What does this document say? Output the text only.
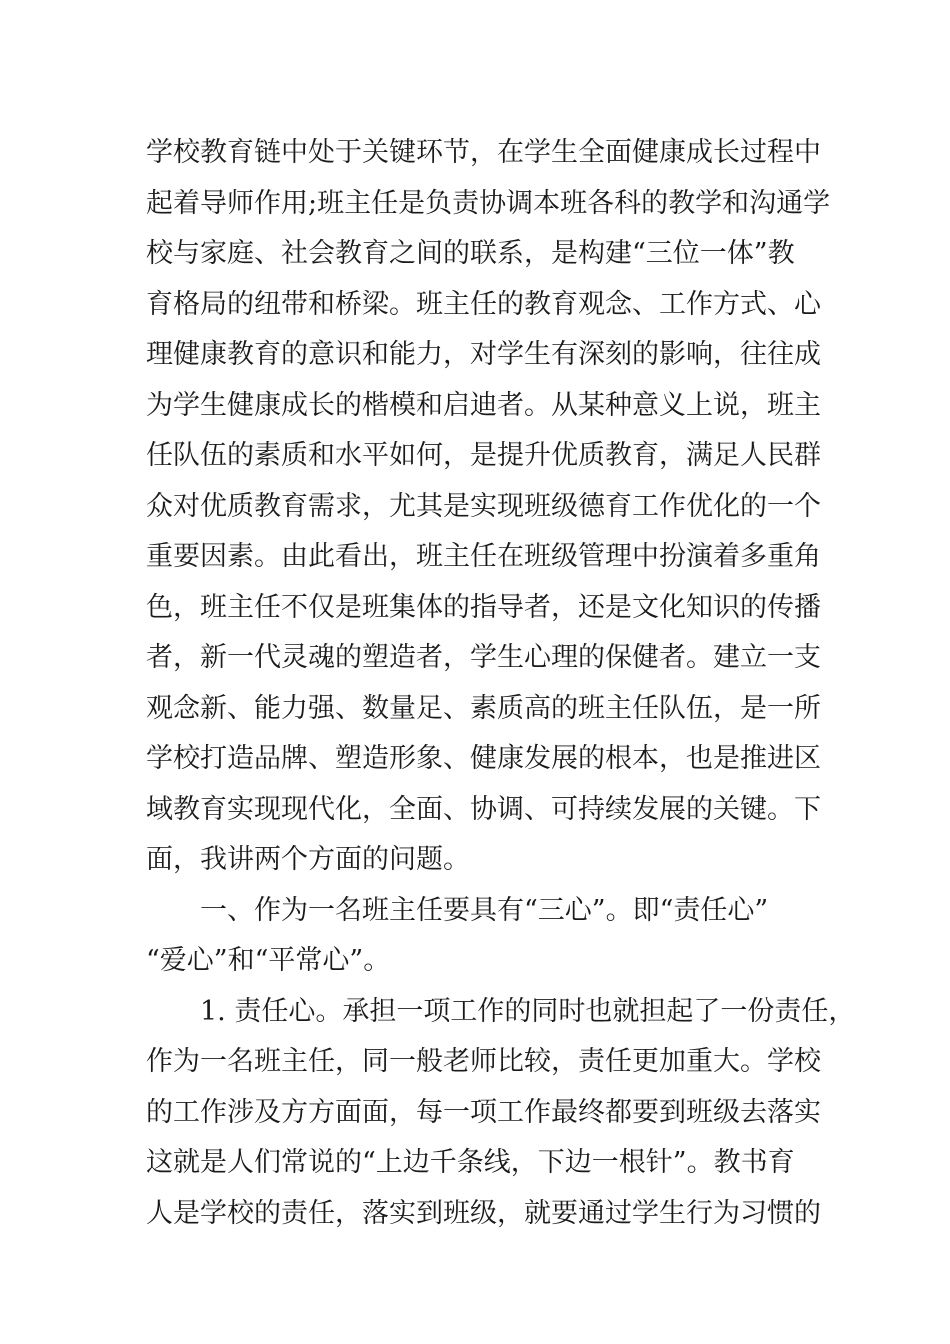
学校教育链中处于关键环节，在学生全面健康成长过程中
起着导师作用;班主任是负责协调本班各科的教学和沟通学
校与家庭、社会教育之间的联系，是构建“三位一体”教
育格局的纽带和桥梁。班主任的教育观念、工作方式、心
理健康教育的意识和能力，对学生有深刻的影响，往往成
为学生健康成长的楷模和启迪者。从某种意义上说，班主
任队伍的素质和水平如何，是提升优质教育，满足人民群
众对优质教育需求，尤其是实现班级德育工作优化的一个
重要因素。由此看出，班主任在班级管理中扮演着多重角
色，班主任不仅是班集体的指导者，还是文化知识的传播
者，新一代灵魂的塑造者，学生心理的保健者。建立一支
观念新、能力强、数量足、素质高的班主任队伍，是一所
学校打造品牌、塑造形象、健康发展的根本，也是推进区
域教育实现现代化，全面、协调、可持续发展的关键。下
面，我讲两个方面的问题。
一、作为一名班主任要具有“三心”。即“责任心”
“爱心”和“平常心”。
1. 责任心。承担一项工作的同时也就担起了一份责任，
作为一名班主任，同一般老师比较，责任更加重大。学校
的工作涉及方方面面，每一项工作最终都要到班级去落实
这就是人们常说的“上边千条线，下边一根针”。教书育
人是学校的责任，落实到班级，就要通过学生行为习惯的
